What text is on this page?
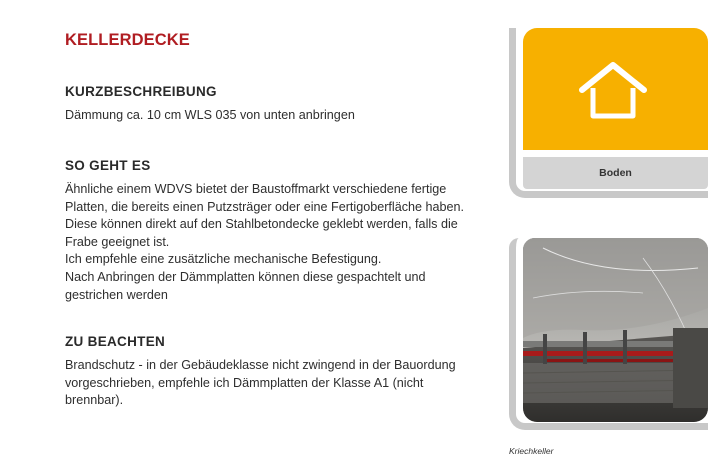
KELLERDECKE
KURZBESCHREIBUNG

Dämmung ca. 10 cm WLS 035 von unten anbringen

SO GEHT ES

Ähnliche einem WDVS bietet der Baustoffmarkt verschiedene fertige
Platten, die bereits einen Putzsträger oder eine Fertigoberfläche haben.
Diese können direkt auf den Stahlbetondecke geklebt werden, falls die
Frabe geeignet ist.
Ich empfehle eine zusätzliche mechanische Befestigung.
Nach Anbringen der Dämmplatten können diese gespachtelt und
gestrichen werden

ZU BEACHTEN

Brandschutz - in der Gebäudeklasse nicht zwingend in der Bauordung
vorgeschrieben, empfehle ich Dämmplatten der Klasse A1 (nicht
brennbar).

Boden

Kriechkeller
